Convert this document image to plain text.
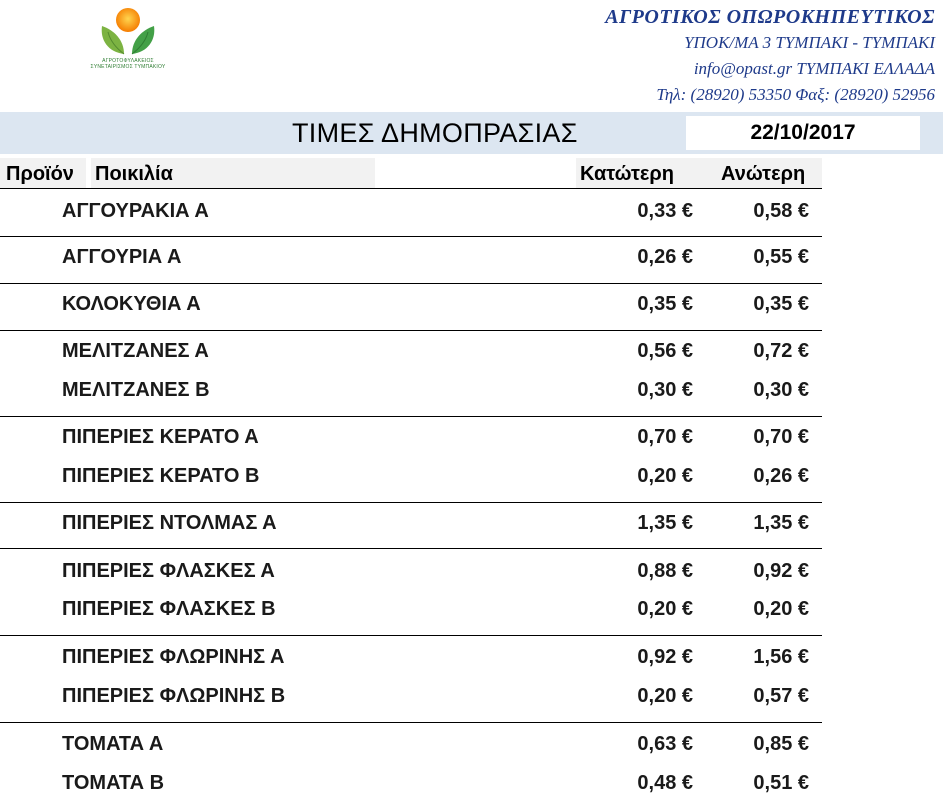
ΑΓΡΟΤΟΦΥΛΑΚΕΙΟΣ
ΣΥΝΕΤΑΙΡΙΣΜΟΣ ΤΥΜΠΑΚΙΟΥ
ΑΓΡΟΤΙΚΟΣ ΟΠΩΡΟΚΗΠΕΥΤΙΚΟΣ
ΥΠΟΚ/ΜΑ 3 ΤΥΜΠΑΚΙ - ΤΥΜΠΑΚΙ
info@opast.gr ΤΥΜΠΑΚΙ ΕΛΛΑΔΑ
Τηλ: (28920) 53350 Φαξ: (28920) 52956
ΤΙΜΕΣ ΔΗΜΟΠΡΑΣΙΑΣ	22/10/2017
Προϊόν Ποικιλία	Κατώτερη Ανώτερη
ΑΓΓΟΥΡΑΚΙΑ Α	0,33 €	0,58 €
ΑΓΓΟΥΡΙΑ Α	0,26 €	0,55 €
ΚΟΛΟΚΥΘΙΑ Α	0,35 €	0,35 €
ΜΕΛΙΤΖΑΝΕΣ Α	0,56 €	0,72 €
ΜΕΛΙΤΖΑΝΕΣ Β	0,30 €	0,30 €
ΠΙΠΕΡΙΕΣ ΚΕΡΑΤΟ Α	0,70 €	0,70 €
ΠΙΠΕΡΙΕΣ ΚΕΡΑΤΟ Β	0,20 €	0,26 €
ΠΙΠΕΡΙΕΣ ΝΤΟΛΜΑΣ Α	1,35 €	1,35 €
ΠΙΠΕΡΙΕΣ ΦΛΑΣΚΕΣ Α	0,88 €	0,92 €
ΠΙΠΕΡΙΕΣ ΦΛΑΣΚΕΣ Β	0,20 €	0,20 €
ΠΙΠΕΡΙΕΣ ΦΛΩΡΙΝΗΣ Α	0,92 €	1,56 €
ΠΙΠΕΡΙΕΣ ΦΛΩΡΙΝΗΣ Β	0,20 €	0,57 €
ΤΟΜΑΤΑ Α	0,63 €	0,85 €
ΤΟΜΑΤΑ Β	0,48 €	0,51 €
